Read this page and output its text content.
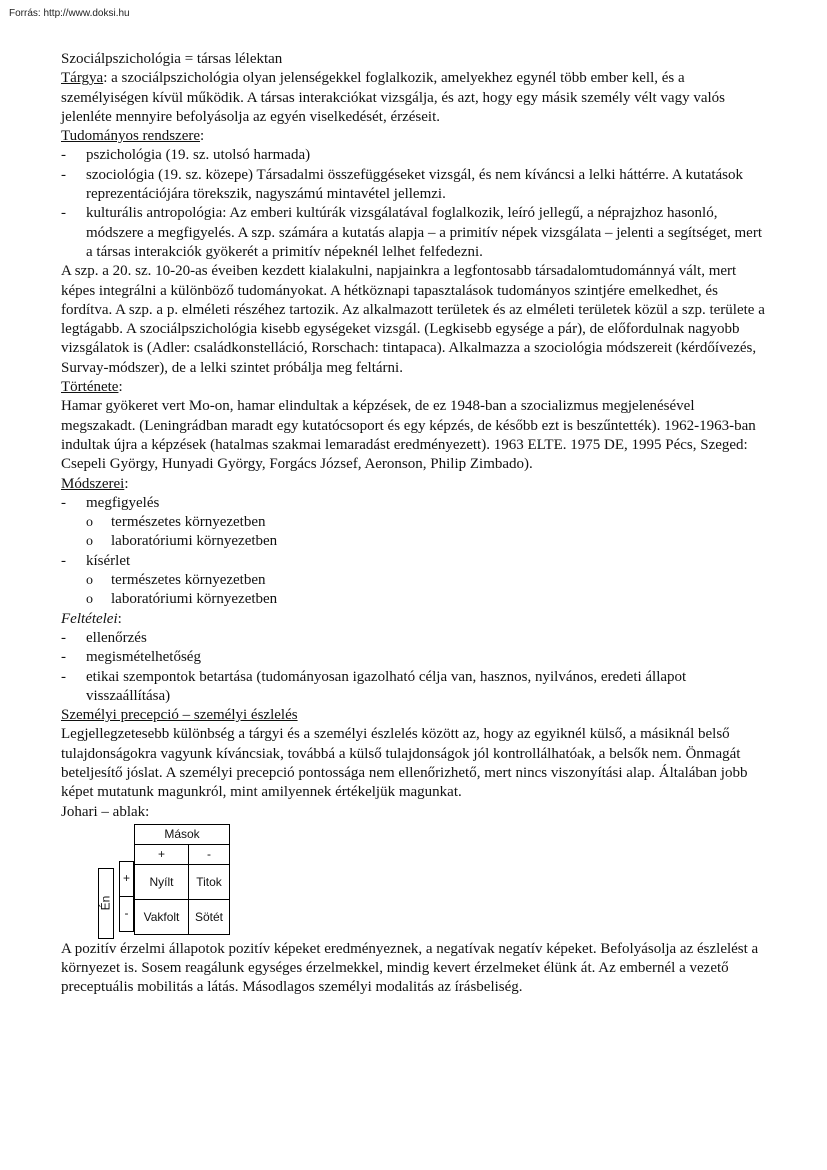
Forrás: http://www.doksi.hu

Szociálpszichológia = társas lélektan

Tárgya: a szociálpszichológia olyan jelenségekkel foglalkozik, amelyekhez egynél több ember kell, és a személyiségen kívül működik. A társas interakciókat vizsgálja, és azt, hogy egy másik személy vélt vagy valós jelenléte mennyire befolyásolja az egyén viselkedését, érzéseit.

Tudományos rendszere:

- pszichológia (19. sz. utolsó harmada)

- szociológia (19. sz. közepe) Társadalmi összefüggéseket vizsgál, és nem kíváncsi a lelki háttérre. A kutatások reprezentációjára törekszik, nagyszámú mintavétel jellemzi.

- kulturális antropológia: Az emberi kultúrák vizsgálatával foglalkozik, leíró jellegű, a néprajzhoz hasonló, módszere a megfigyelés. A szp. számára a kutatás alapja – a primitív népek vizsgálata – jelenti a segítséget, mert a társas interakciók gyökerét a primitív népeknél lelhet felfedezni.

A szp. a 20. sz. 10-20-as éveiben kezdett kialakulni, napjainkra a legfontosabb társadalomtudománnyá vált, mert képes integrálni a különböző tudományokat. A hétköznapi tapasztalások tudományos szintjére emelkedhet, és fordítva. A szp. a p. elméleti részéhez tartozik. Az alkalmazott területek és az elméleti területek közül a szp. területe a legtágabb. A szociálpszichológia kisebb egységeket vizsgál. (Legkisebb egysége a pár), de előfordulnak nagyobb vizsgálatok is (Adler: családkonstelláció, Rorschach: tintapaca). Alkalmazza a szociológia módszereit (kérdőívezés, Survay-módszer), de a lelki szintet próbálja meg feltárni.

Története:

Hamar gyökeret vert Mo-on, hamar elindultak a képzések, de ez 1948-ban a szocializmus megjelenésével megszakadt. (Leningrádban maradt egy kutatócsoport és egy képzés, de később ezt is beszűntették). 1962-1963-ban indultak újra a képzések (hatalmas szakmai lemaradást eredményezett). 1963 ELTE. 1975 DE, 1995 Pécs, Szeged: Csepeli György, Hunyadi György, Forgács József, Aeronson, Philip Zimbado).

Módszerei:

- megfigyelés

o természetes környezetben

o laboratóriumi környezetben

- kísérlet

o természetes környezetben

o laboratóriumi környezetben

Feltételei:

- ellenőrzés

- megismételhetőség

- etikai szempontok betartása (tudományosan igazolható célja van, hasznos, nyilvános, eredeti állapot visszaállítása)

Személyi precepció – személyi észlelés

Legjellegzetesebb különbség a tárgyi és a személyi észlelés között az, hogy az egyiknél külső, a másiknál belső tulajdonságokra vagyunk kíváncsiak, továbbá a külső tulajdonságok jól kontrollálhatóak, a belsők nem. Önmagát beteljesítő jóslat. A személyi precepció pontossága nem ellenőrizhető, mert nincs viszonyítási alap. Általában jobb képet mutatunk magunkról, mint amilyennek értékeljük magunkat.

Johari – ablak:

Mások	
+	-
Nyílt	Titok
Vakfolt	Sötét
Én
+
-

A pozitív érzelmi állapotok pozitív képeket eredményeznek, a negatívak negatív képeket. Befolyásolja az észlelést a környezet is. Sosem reagálunk egységes érzelmekkel, mindig kevert érzelmeket élünk át. Az embernél a vezető preceptuális mobilitás a látás. Másodlagos személyi modalitás az írásbeliség.
